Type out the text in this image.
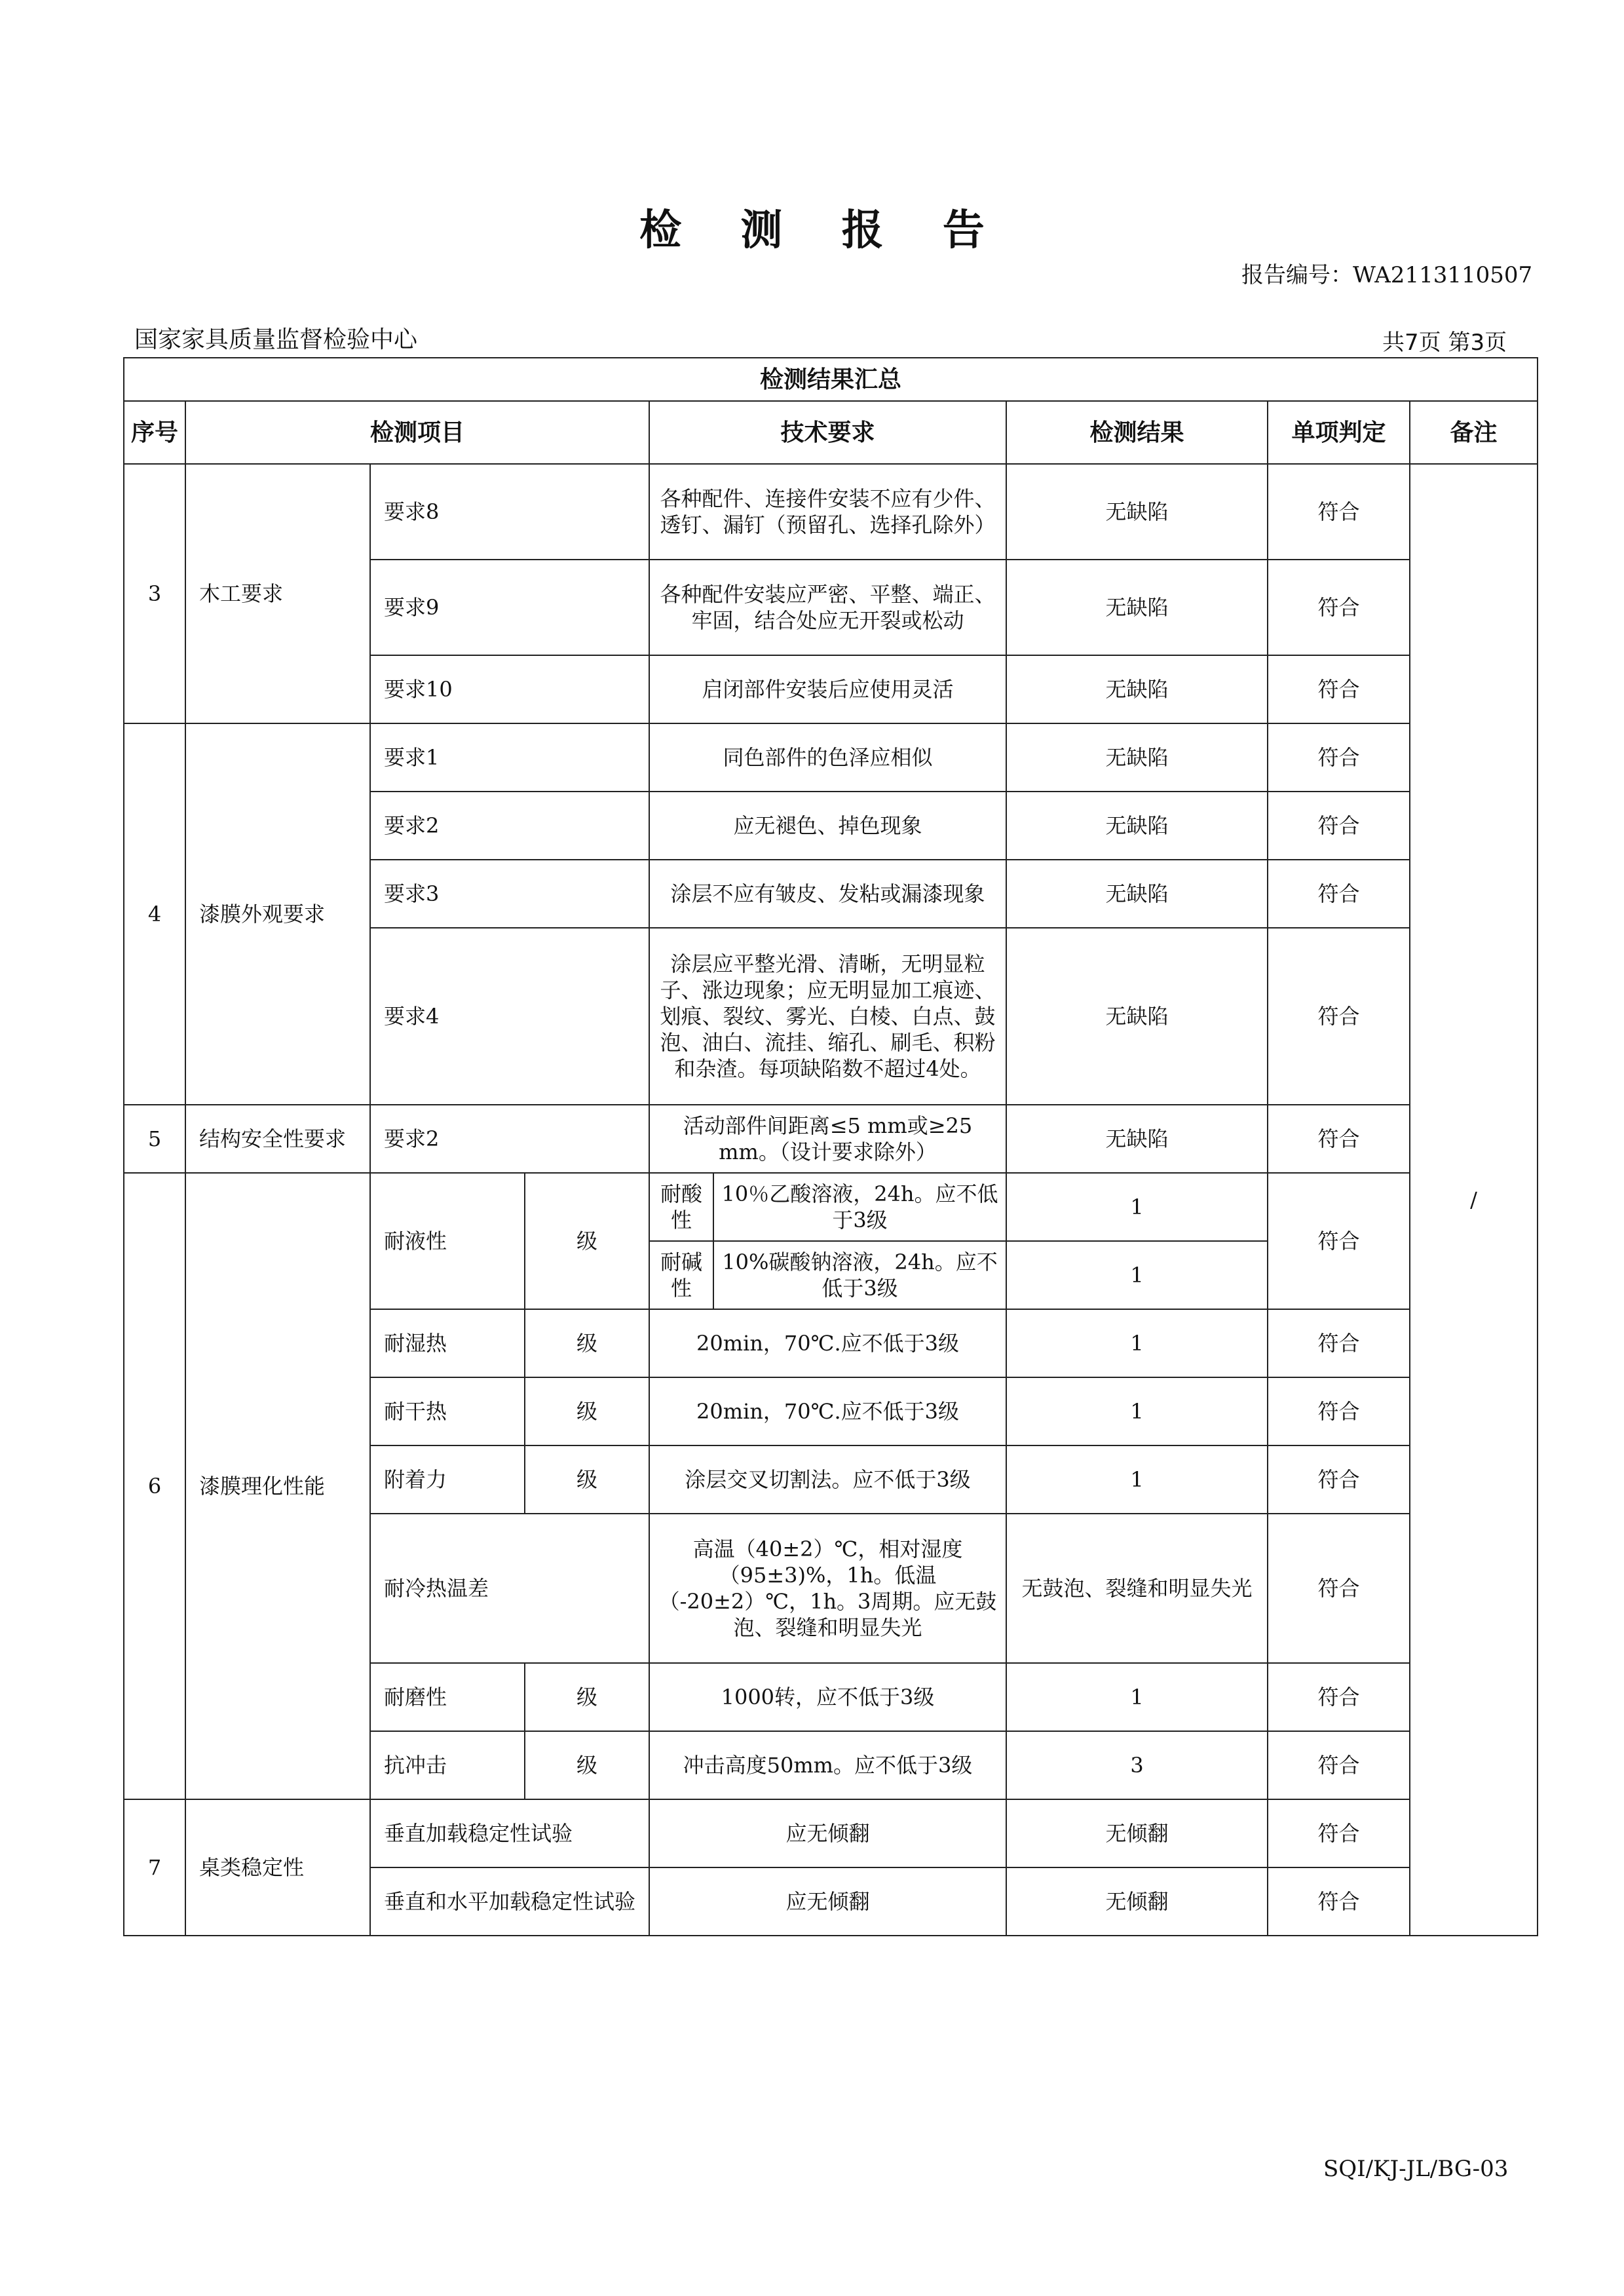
检 测 报 告
报告编号：WA2113110507
国家家具质量监督检验中心	共7页 第3页
检测结果汇总								
序号	检测项目			技术要求		检测结果	单项判定	备注
3	木工要求	要求8		各种配件、连接件安装不应有少件、透钉、漏钉（预留孔、选择孔除外）		无缺陷	符合	/
		要求9		各种配件安装应严密、平整、端正、牢固，结合处应无开裂或松动		无缺陷	符合	
		要求10		启闭部件安装后应使用灵活		无缺陷	符合	
4	漆膜外观要求	要求1		同色部件的色泽应相似		无缺陷	符合	
		要求2		应无褪色、掉色现象		无缺陷	符合	
		要求3		涂层不应有皱皮、发粘或漏漆现象		无缺陷	符合	
		要求4		涂层应平整光滑、清晰，无明显粒子、涨边现象；应无明显加工痕迹、划痕、裂纹、雾光、白棱、白点、鼓泡、油白、流挂、缩孔、刷毛、积粉和杂渣。每项缺陷数不超过4处。		无缺陷	符合	
5	结构安全性要求	要求2		活动部件间距离≤5 mm或≥25 mm。（设计要求除外）		无缺陷	符合	
6	漆膜理化性能	耐液性	级	耐酸性	10％乙酸溶液，24h。应不低于3级	1	符合	
				耐碱性	10%碳酸钠溶液，24h。应不低于3级	1		
		耐湿热	级	20min，70℃.应不低于3级		1	符合	
		耐干热	级	20min，70℃.应不低于3级		1	符合	
		附着力	级	涂层交叉切割法。应不低于3级		1	符合	
		耐冷热温差		高温（40±2）℃，相对湿度（95±3)%，1h。低温（-20±2）℃，1h。3周期。应无鼓泡、裂缝和明显失光		无鼓泡、裂缝和明显失光	符合	
		耐磨性	级	1000转，应不低于3级		1	符合	
		抗冲击	级	冲击高度50mm。应不低于3级		3	符合	
7	桌类稳定性	垂直加载稳定性试验		应无倾翻		无倾翻	符合	
		垂直和水平加载稳定性试验		应无倾翻		无倾翻	符合	
SQI/KJ-JL/BG-03
